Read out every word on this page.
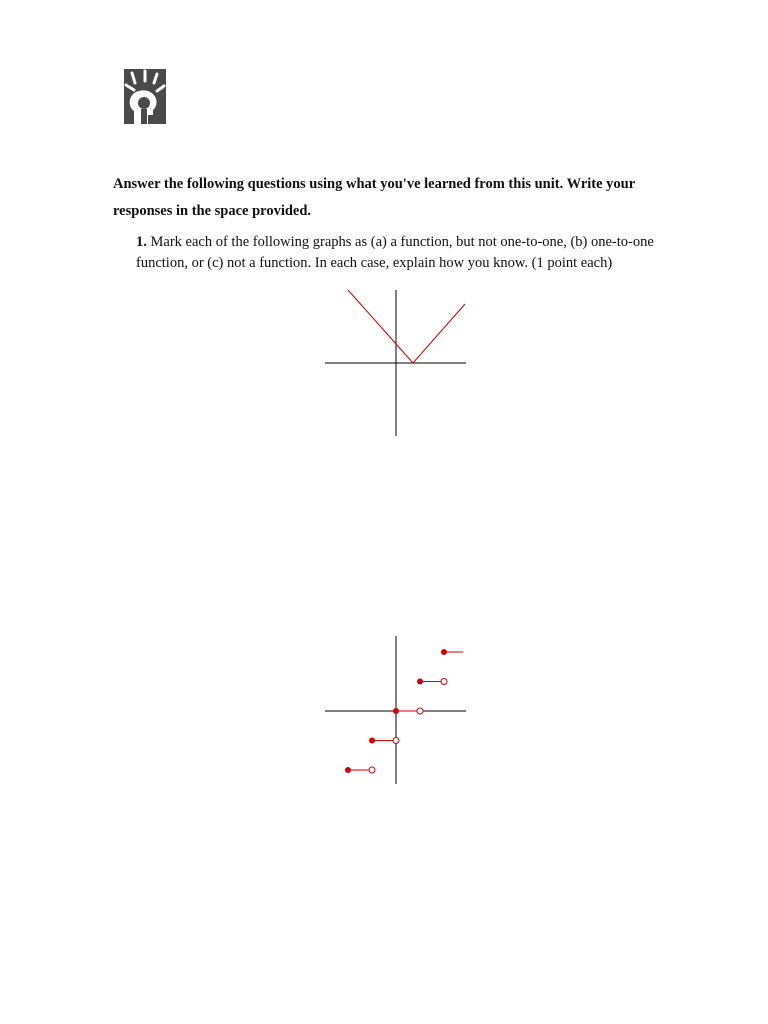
Answer the following questions using what you've learned from this unit. Write your responses in the space provided.

1. Mark each of the following graphs as (a) a function, but not one-to-one, (b) one-to-one function, or (c) not a function. In each case, explain how you know. (1 point each)
